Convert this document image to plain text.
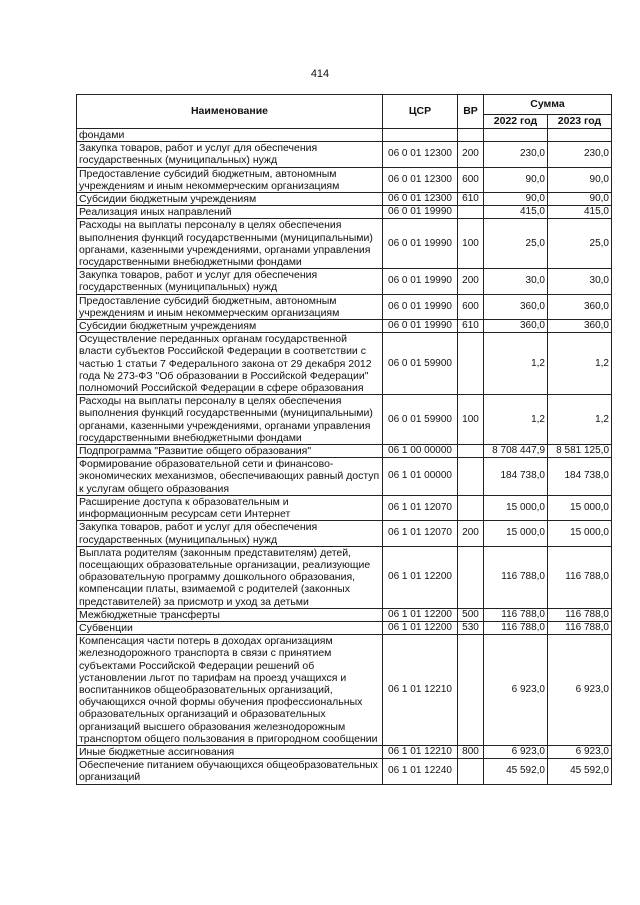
414
Наименование	ЦСР	ВР	Сумма	
			2022 год	2023 год
фондами				
Закупка товаров, работ и услуг для обеспечения государственных (муниципальных) нужд	06 0 01 12300	200	230,0	230,0
Предоставление субсидий бюджетным, автономным учреждениям и иным некоммерческим организациям	06 0 01 12300	600	90,0	90,0
Субсидии бюджетным учреждениям	06 0 01 12300	610	90,0	90,0
Реализация иных направлений	06 0 01 19990		415,0	415,0
Расходы на выплаты персоналу в целях обеспечения выполнения функций государственными (муниципальными) органами, казенными учреждениями, органами управления государственными внебюджетными фондами	06 0 01 19990	100	25,0	25,0
Закупка товаров, работ и услуг для обеспечения государственных (муниципальных) нужд	06 0 01 19990	200	30,0	30,0
Предоставление субсидий бюджетным, автономным учреждениям и иным некоммерческим организациям	06 0 01 19990	600	360,0	360,0
Субсидии бюджетным учреждениям	06 0 01 19990	610	360,0	360,0
Осуществление переданных органам государственной власти субъектов Российской Федерации в соответствии с частью 1 статьи 7 Федерального закона от 29 декабря 2012 года № 273-ФЗ "Об образовании в Российской Федерации" полномочий Российской Федерации в сфере образования	06 0 01 59900		1,2	1,2
Расходы на выплаты персоналу в целях обеспечения выполнения функций государственными (муниципальными) органами, казенными учреждениями, органами управления государственными внебюджетными фондами	06 0 01 59900	100	1,2	1,2
Подпрограмма "Развитие общего образования"	06 1 00 00000		8 708 447,9	8 581 125,0
Формирование образовательной сети и финансово-экономических механизмов, обеспечивающих равный доступ к услугам общего образования	06 1 01 00000		184 738,0	184 738,0
Расширение доступа к образовательным и информационным ресурсам сети Интернет	06 1 01 12070		15 000,0	15 000,0
Закупка товаров, работ и услуг для обеспечения государственных (муниципальных) нужд	06 1 01 12070	200	15 000,0	15 000,0
Выплата родителям (законным представителям) детей, посещающих образовательные организации, реализующие образовательную программу дошкольного образования, компенсации платы, взимаемой с родителей (законных представителей) за присмотр и уход за детьми	06 1 01 12200		116 788,0	116 788,0
Межбюджетные трансферты	06 1 01 12200	500	116 788,0	116 788,0
Субвенции	06 1 01 12200	530	116 788,0	116 788,0
Компенсация части потерь в доходах организациям железнодорожного транспорта в связи с принятием субъектами Российской Федерации решений об установлении льгот по тарифам на проезд учащихся и воспитанников общеобразовательных организаций, обучающихся очной формы обучения профессиональных образовательных организаций и образовательных организаций высшего образования железнодорожным транспортом общего пользования в пригородном сообщении	06 1 01 12210		6 923,0	6 923,0
Иные бюджетные ассигнования	06 1 01 12210	800	6 923,0	6 923,0
Обеспечение питанием обучающихся общеобразовательных организаций	06 1 01 12240		45 592,0	45 592,0
